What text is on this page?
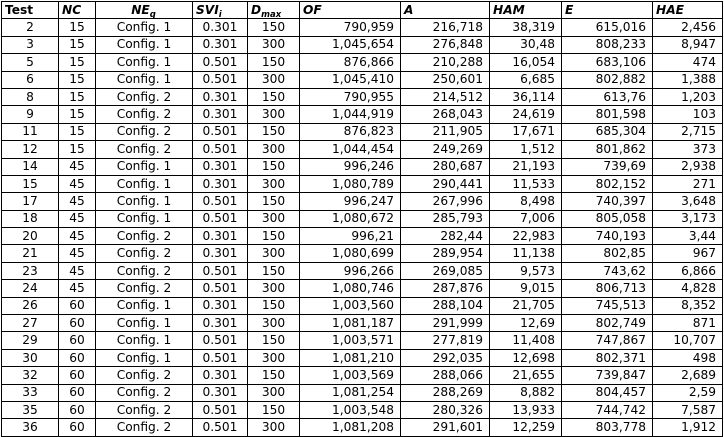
Test	NC	$NE_q$	$SVI_i$	$D_{max}$	OF	A	HAM	E	HAE
2	15	Config. 1	0.301	150	790,959	216,718	38,319	615,016	2,456
3	15	Config. 1	0.301	300	1,045,654	276,848	30,48	808,233	8,947
5	15	Config. 1	0.501	150	876,866	210,288	16,054	683,106	474
6	15	Config. 1	0.501	300	1,045,410	250,601	6,685	802,882	1,388
8	15	Config. 2	0.301	150	790,955	214,512	36,114	613,76	1,203
9	15	Config. 2	0.301	300	1,044,919	268,043	24,619	801,598	103
11	15	Config. 2	0.501	150	876,823	211,905	17,671	685,304	2,715
12	15	Config. 2	0.501	300	1,044,454	249,269	1,512	801,862	373
14	45	Config. 1	0.301	150	996,246	280,687	21,193	739,69	2,938
15	45	Config. 1	0.301	300	1,080,789	290,441	11,533	802,152	271
17	45	Config. 1	0.501	150	996,247	267,996	8,498	740,397	3,648
18	45	Config. 1	0.501	300	1,080,672	285,793	7,006	805,058	3,173
20	45	Config. 2	0.301	150	996,21	282,44	22,983	740,193	3,44
21	45	Config. 2	0.301	300	1,080,699	289,954	11,138	802,85	967
23	45	Config. 2	0.501	150	996,266	269,085	9,573	743,62	6,866
24	45	Config. 2	0.501	300	1,080,746	287,876	9,015	806,713	4,828
26	60	Config. 1	0.301	150	1,003,560	288,104	21,705	745,513	8,352
27	60	Config. 1	0.301	300	1,081,187	291,999	12,69	802,749	871
29	60	Config. 1	0.501	150	1,003,571	277,819	11,408	747,867	10,707
30	60	Config. 1	0.501	300	1,081,210	292,035	12,698	802,371	498
32	60	Config. 2	0.301	150	1,003,569	288,066	21,655	739,847	2,689
33	60	Config. 2	0.301	300	1,081,254	288,269	8,882	804,457	2,59
35	60	Config. 2	0.501	150	1,003,548	280,326	13,933	744,742	7,587
36	60	Config. 2	0.501	300	1,081,208	291,601	12,259	803,778	1,912
